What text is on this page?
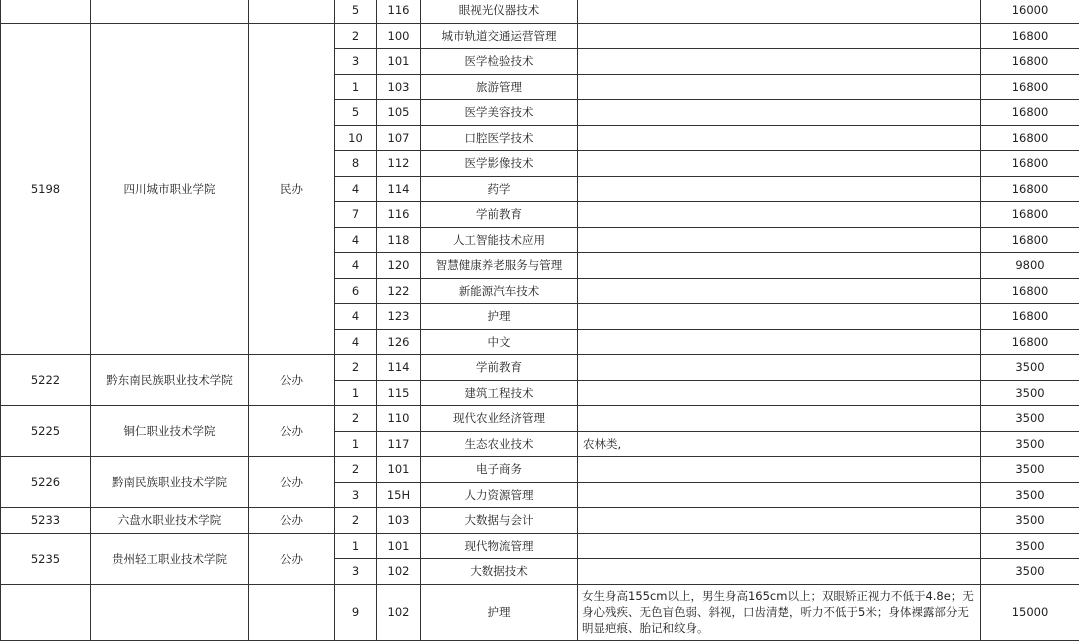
			5	116	眼视光仪器技术		16000
5198	四川城市职业学院	民办	2	100	城市轨道交通运营管理		16800
			3	101	医学检验技术		16800
			1	103	旅游管理		16800
			5	105	医学美容技术		16800
			10	107	口腔医学技术		16800
			8	112	医学影像技术		16800
			4	114	药学		16800
			7	116	学前教育		16800
			4	118	人工智能技术应用		16800
			4	120	智慧健康养老服务与管理		9800
			6	122	新能源汽车技术		16800
			4	123	护理		16800
			4	126	中文		16800
5222	黔东南民族职业技术学院	公办	2	114	学前教育		3500
			1	115	建筑工程技术		3500
5225	铜仁职业技术学院	公办	2	110	现代农业经济管理		3500
			1	117	生态农业技术	农林类,	3500
5226	黔南民族职业技术学院	公办	2	101	电子商务		3500
			3	15H	人力资源管理		3500
5233	六盘水职业技术学院	公办	2	103	大数据与会计		3500
5235	贵州轻工职业技术学院	公办	1	101	现代物流管理		3500
			3	102	大数据技术		3500
			9	102	护理	女生身高155cm以上，男生身高165cm以上；双眼矫正视力不低于4.8e；无身心残疾、无色盲色弱、斜视，口齿清楚，听力不低于5米；身体裸露部分无明显疤痕、胎记和纹身。	15000
